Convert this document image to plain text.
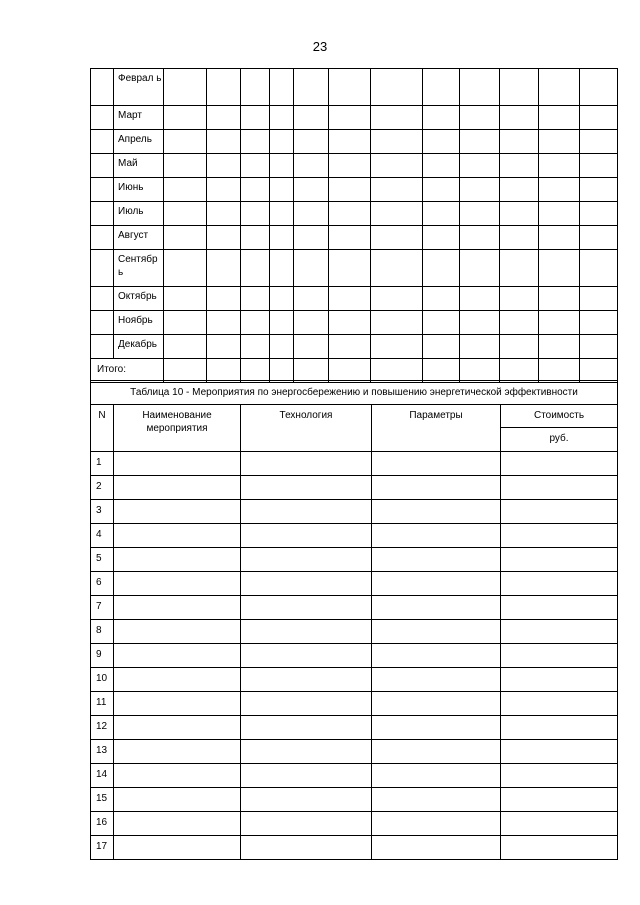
23
	Феврал ь												
	Март												
	Апрель												
	Май												
	Июнь												
	Июль												
	Август												
	Сентябр ь												
	Октябрь												
	Ноябрь												
	Декабрь												
Итого:													
Таблица 10 - Мероприятия по энергосбережению и повышению энергетической эффективности				
N	Наименование мероприятия	Технология	Параметры	Стоимость
				руб.
1				
2				
3				
4				
5				
6				
7				
8				
9				
10				
11				
12				
13				
14				
15				
16				
17				
